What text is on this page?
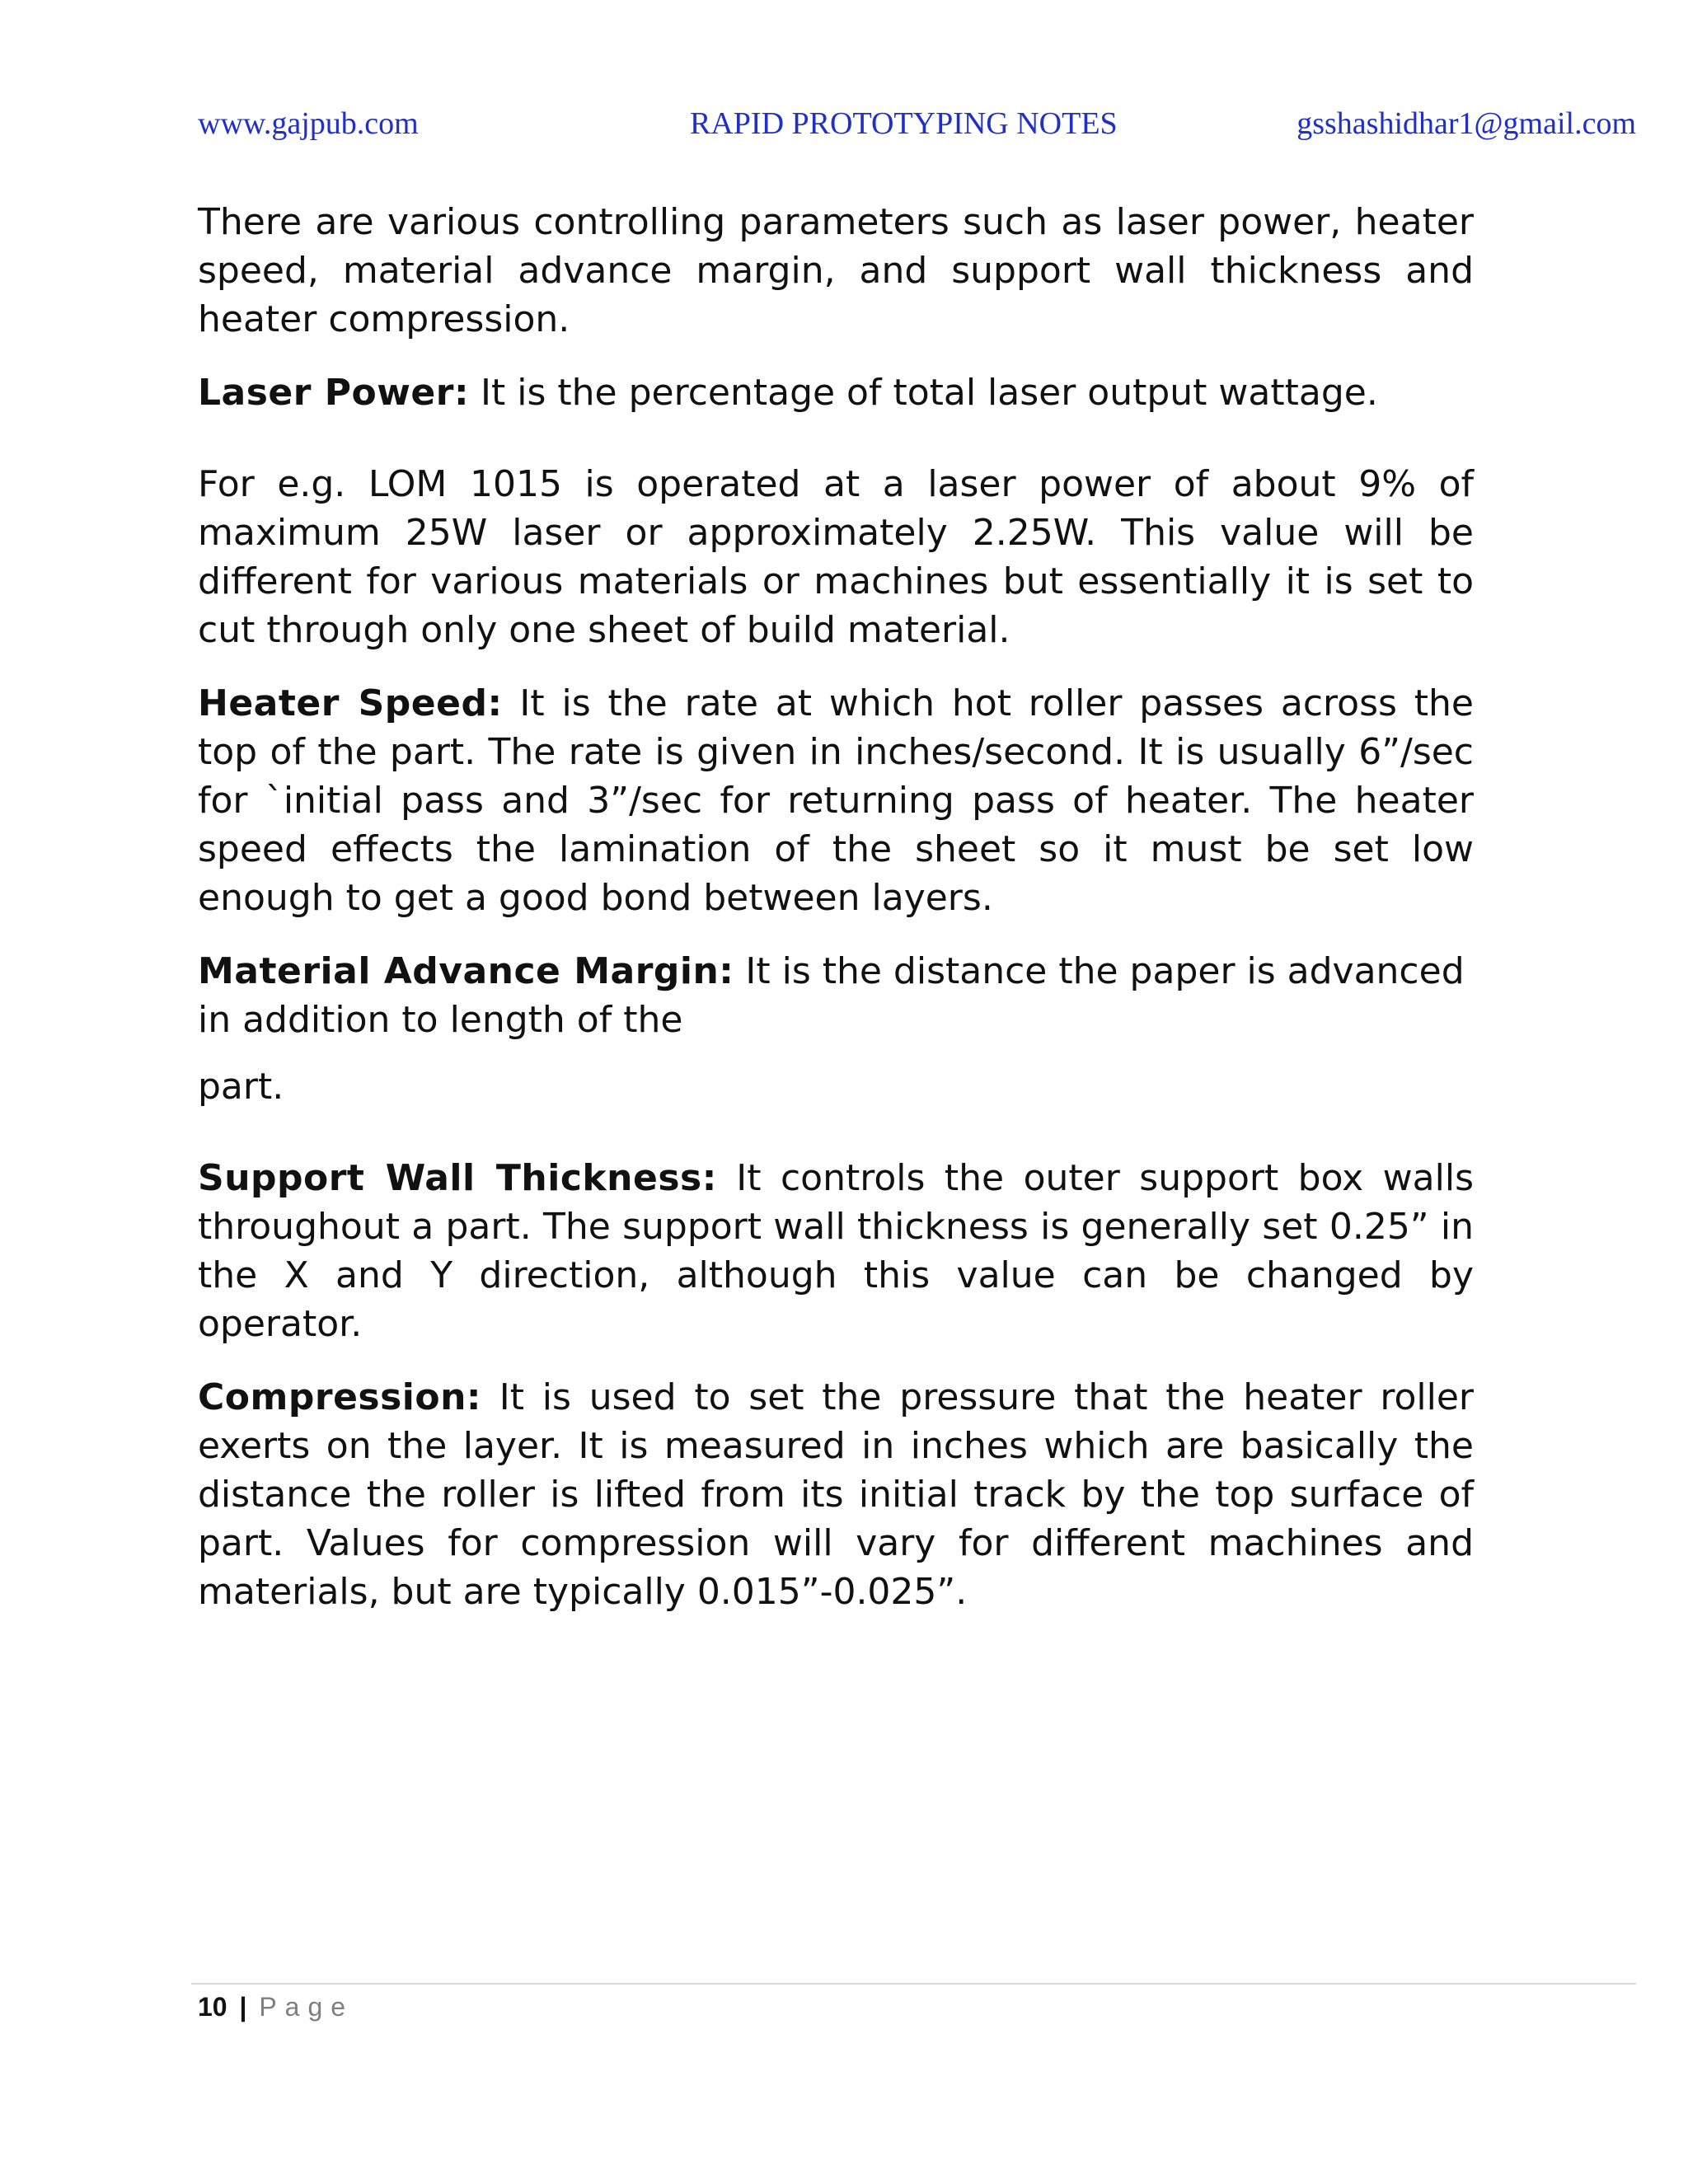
www.gajpub.com	RAPID PROTOTYPING NOTES	gsshashidhar1@gmail.com

There are various controlling parameters such as laser power, heater speed, material advance margin, and support wall thickness and heater compression.

Laser Power: It is the percentage of total laser output wattage.

For e.g. LOM 1015 is operated at a laser power of about 9% of maximum 25W laser or approximately 2.25W. This value will be different for various materials or machines but essentially it is set to cut through only one sheet of build material.

Heater Speed: It is the rate at which hot roller passes across the top of the part. The rate is given in inches/second. It is usually 6”/sec for `initial pass and 3”/sec for returning pass of heater. The heater speed effects the lamination of the sheet so it must be set low enough to get a good bond between layers.

Material Advance Margin: It is the distance the paper is advanced in addition to length of the
part.

Support Wall Thickness: It controls the outer support box walls throughout a part. The support wall thickness is generally set 0.25” in the X and Y direction, although this value can be changed by operator.

Compression: It is used to set the pressure that the heater roller exerts on the layer. It is measured in inches which are basically the distance the roller is lifted from its initial track by the top surface of part. Values for compression will vary for different machines and materials, but are typically 0.015”-0.025”.

10 | Page
